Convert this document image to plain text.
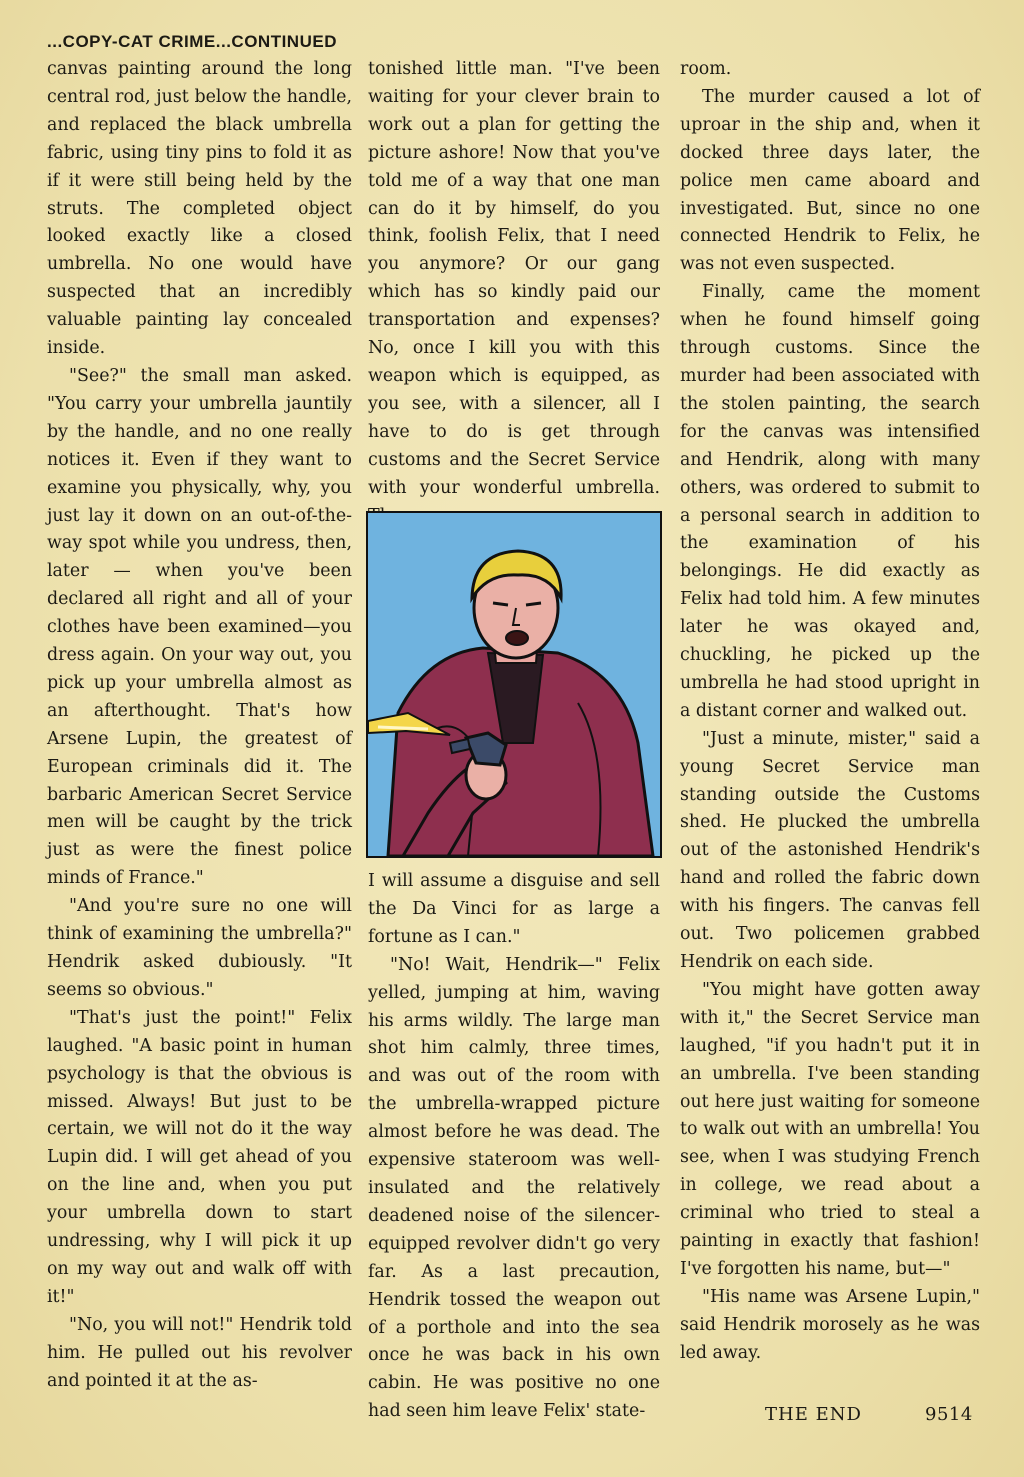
...COPY-CAT CRIME...CONTINUED

canvas painting around the long central rod, just below the handle, and replaced the black umbrella fabric, using tiny pins to fold it as if it were still being held by the struts. The completed object looked exactly like a closed umbrella. No one would have suspected that an incredibly valuable painting lay concealed inside.

"See?" the small man asked. "You carry your umbrella jauntily by the handle, and no one really notices it. Even if they want to examine you physically, why, you just lay it down on an out-of-the-way spot while you undress, then, later — when you've been declared all right and all of your clothes have been examined—you dress again. On your way out, you pick up your umbrella almost as an afterthought. That's how Arsene Lupin, the greatest of European criminals did it. The barbaric American Secret Service men will be caught by the trick just as were the finest police minds of France."

"And you're sure no one will think of examining the umbrella?" Hendrik asked dubiously. "It seems so obvious."

"That's just the point!" Felix laughed. "A basic point in human psychology is that the obvious is missed. Always! But just to be certain, we will not do it the way Lupin did. I will get ahead of you on the line and, when you put your umbrella down to start undressing, why I will pick it up on my way out and walk off with it!"

"No, you will not!" Hendrik told him. He pulled out his revolver and pointed it at the as-

tonished little man. "I've been waiting for your clever brain to work out a plan for getting the picture ashore! Now that you've told me of a way that one man can do it by himself, do you think, foolish Felix, that I need you anymore? Or our gang which has so kindly paid our transportation and expenses? No, once I kill you with this weapon which is equipped, as you see, with a silencer, all I have to do is get through customs and the Secret Service with your wonderful umbrella.

I will assume a disguise and sell the Da Vinci for as large a fortune as I can."

"No! Wait, Hendrik—" Felix yelled, jumping at him, waving his arms wildly. The large man shot him calmly, three times, and was out of the room with the umbrella-wrapped picture almost before he was dead. The expensive stateroom was well-insulated and the relatively deadened noise of the silencer-equipped revolver didn't go very far. As a last precaution, Hendrik tossed the weapon out of a porthole and into the sea once he was back in his own cabin. He was positive no one had seen him leave Felix' state-

room.

The murder caused a lot of uproar in the ship and, when it docked three days later, the police men came aboard and investigated. But, since no one connected Hendrik to Felix, he was not even suspected.

Finally, came the moment when he found himself going through customs. Since the murder had been associated with the stolen painting, the search for the canvas was intensified and Hendrik, along with many others, was ordered to submit to a personal search in addition to the examination of his belongings. He did exactly as Felix had told him. A few minutes later he was okayed and, chuckling, he picked up the umbrella he had stood upright in a distant corner and walked out.

"Just a minute, mister," said a young Secret Service man standing outside the Customs shed. He plucked the umbrella out of the astonished Hendrik's hand and rolled the fabric down with his fingers. The canvas fell out. Two policemen grabbed Hendrik on each side.

"You might have gotten away with it," the Secret Service man laughed, "if you hadn't put it in an umbrella. I've been standing out here just waiting for someone to walk out with an umbrella! You see, when I was studying French in college, we read about a criminal who tried to steal a painting in exactly that fashion! I've forgotten his name, but—"

"His name was Arsene Lupin," said Hendrik morosely as he was led away.

THE END	9514
